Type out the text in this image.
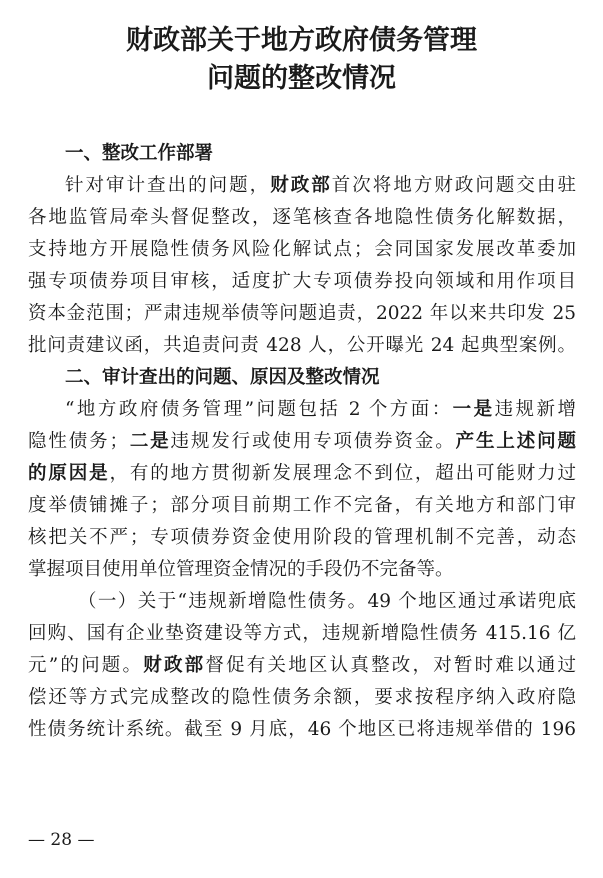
财政部关于地方政府债务管理
问题的整改情况
一、整改工作部署
针对审计查出的问题，财政部首次将地方财政问题交由驻
各地监管局牵头督促整改，逐笔核查各地隐性债务化解数据，
支持地方开展隐性债务风险化解试点；会同国家发展改革委加
强专项债券项目审核，适度扩大专项债券投向领域和用作项目
资本金范围；严肃违规举债等问题追责，2022 年以来共印发 25
批问责建议函，共追责问责 428 人，公开曝光 24 起典型案例。
二、审计查出的问题、原因及整改情况
“地方政府债务管理”问题包括 2 个方面：一是违规新增
隐性债务；二是违规发行或使用专项债券资金。产生上述问题
的原因是，有的地方贯彻新发展理念不到位，超出可能财力过
度举债铺摊子；部分项目前期工作不完备，有关地方和部门审
核把关不严；专项债券资金使用阶段的管理机制不完善，动态
掌握项目使用单位管理资金情况的手段仍不完备等。
（一）关于“违规新增隐性债务。49 个地区通过承诺兜底
回购、国有企业垫资建设等方式，违规新增隐性债务 415.16 亿
元”的问题。财政部督促有关地区认真整改，对暂时难以通过
偿还等方式完成整改的隐性债务余额，要求按程序纳入政府隐
性债务统计系统。截至 9 月底，46 个地区已将违规举借的 196
— 28 —
